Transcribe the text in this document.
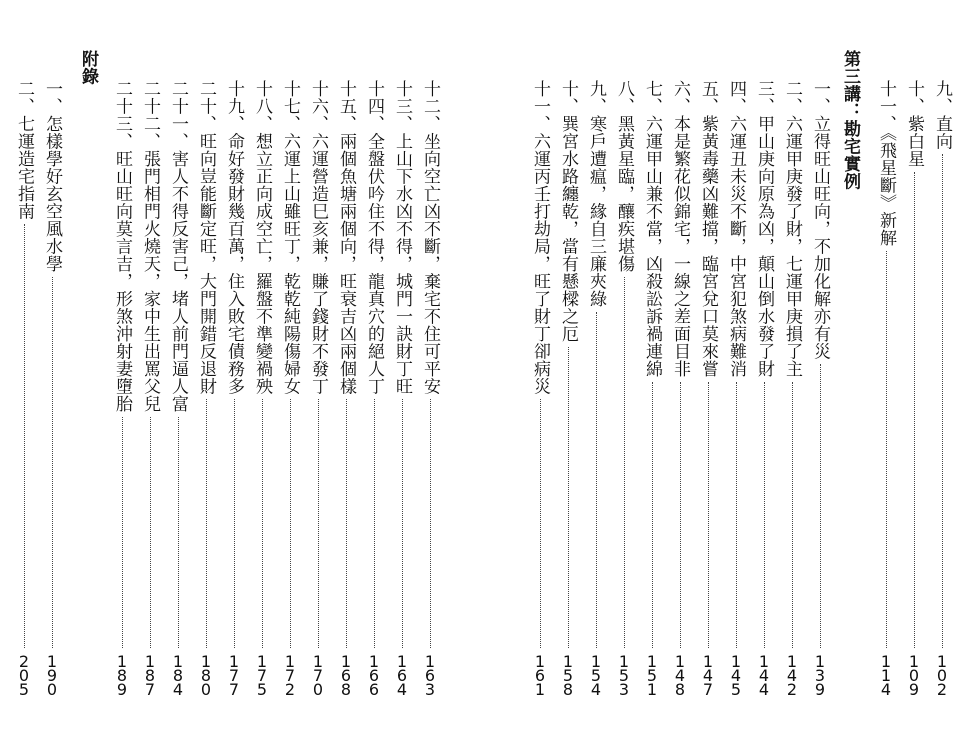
九、直向
1
0
2
十、紫白星
1
0
9
十一、《飛星斷》新解
1
1
4
第三講：勘宅實例
一、立得旺山旺向，不加化解亦有災
1
3
9
二、六運甲庚發了財，七運甲庚損了主
1
4
2
三、甲山庚向原為凶，顛山倒水發了財
1
4
4
四、六運丑未災不斷，中宮犯煞病難消
1
4
5
五、紫黃毒藥凶難擋，臨宮兌口莫來嘗
1
4
7
六、本是繁花似錦宅，一線之差面目非
1
4
8
七、六運甲山兼不當，凶殺訟訴禍連綿
1
5
1
八、黑黃星臨，釀疾堪傷
1
5
3
九、寒戶遭瘟，緣自三廉夾綠
1
5
4
十、巽宮水路纏乾，當有懸樑之厄
1
5
8
十一、六運丙壬打劫局，旺了財丁卻病災
1
6
1
十二、坐向空亡凶不斷，棄宅不住可平安
1
6
3
十三、上山下水凶不得，城門一訣財丁旺
1
6
4
十四、全盤伏吟住不得，龍真穴的絕人丁
1
6
6
十五、兩個魚塘兩個向，旺衰吉凶兩個樣
1
6
8
十六、六運營造巳亥兼，賺了錢財不發丁
1
7
0
十七、六運上山雖旺丁，乾乾純陽傷婦女
1
7
2
十八、想立正向成空亡，羅盤不準變禍殃
1
7
5
十九、命好發財幾百萬，住入敗宅債務多
1
7
7
二十、旺向豈能斷定旺，大門開錯反退財
1
8
0
二十一、害人不得反害己，堵人前門逼人富
1
8
4
二十二、張門相門火燒天，家中生出罵父兒
1
8
7
二十三、旺山旺向莫言吉，形煞沖射妻墮胎
1
8
9
附錄
一、怎樣學好玄空風水學
1
9
0
二、七運造宅指南
2
0
5
